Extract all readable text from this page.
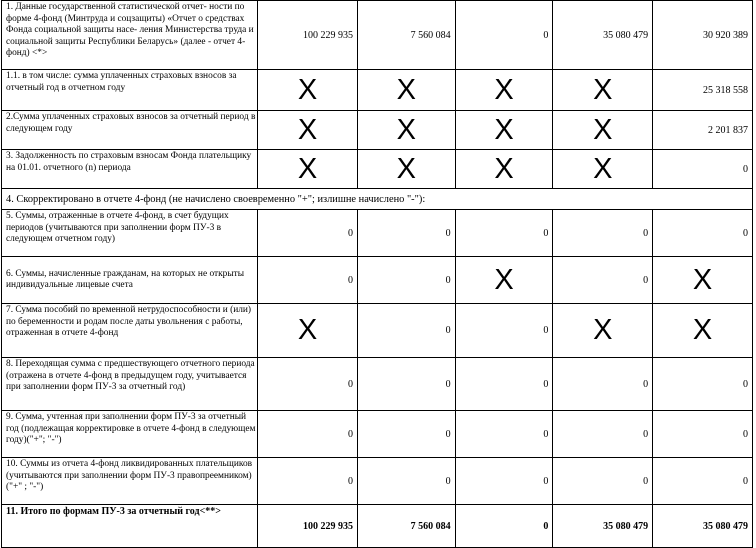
1. Данные государственной статистической отчет- ности по форме 4-фонд (Минтруда и соцзащиты) «Отчет о средствах Фонда социальной защиты насе- ления Министерства труда и социальной защиты Республики Беларусь» (далее - отчет 4-фонд) <*>	100 229 935	7 560 084	0	35 080 479	30 920 389
1.1. в том числе: сумма уплаченных страховых взносов за отчетный год в отчетном году	X	X	X	X	25 318 558
2.Сумма уплаченных страховых взносов за отчетный период в следующем году	X	X	X	X	2 201 837
3. Задолженность по страховым взносам Фонда плательщику на 01.01. отчетного (n) периода	X	X	X	X	0
4. Скорректировано в отчете 4-фонд (не начислено своевременно "+"; излишне начислено "-"):					
5. Суммы, отраженные в отчете 4-фонд, в счет будущих периодов (учитываются при заполнении форм ПУ-3 в следующем отчетном году)	0	0	0	0	0
6. Суммы, начисленные гражданам, на которых не открыты индивидуальные лицевые счета	0	0	X	0	X
7. Сумма пособий по временной нетрудоспособности и (или) по беременности и родам после даты увольнения с работы, отраженная в отчете 4-фонд	X	0	0	X	X
8. Переходящая сумма с предшествующего отчетного периода (отражена в отчете 4-фонд в предыдущем году, учитывается при заполнении форм ПУ-3 за отчетный год)	0	0	0	0	0
9. Сумма, учтенная при заполнении форм ПУ-3 за отчетный год (подлежащая корректировке в отчете 4-фонд в следующем году)("+"; "-")	0	0	0	0	0
10. Суммы из отчета 4-фонд ликвидированных плательщиков (учитываются при заполнении форм ПУ-3 правопреемником)("+" ; "-")	0	0	0	0	0
11. Итого по формам ПУ-3 за отчетный год<**>	100 229 935	7 560 084	0	35 080 479	35 080 479
